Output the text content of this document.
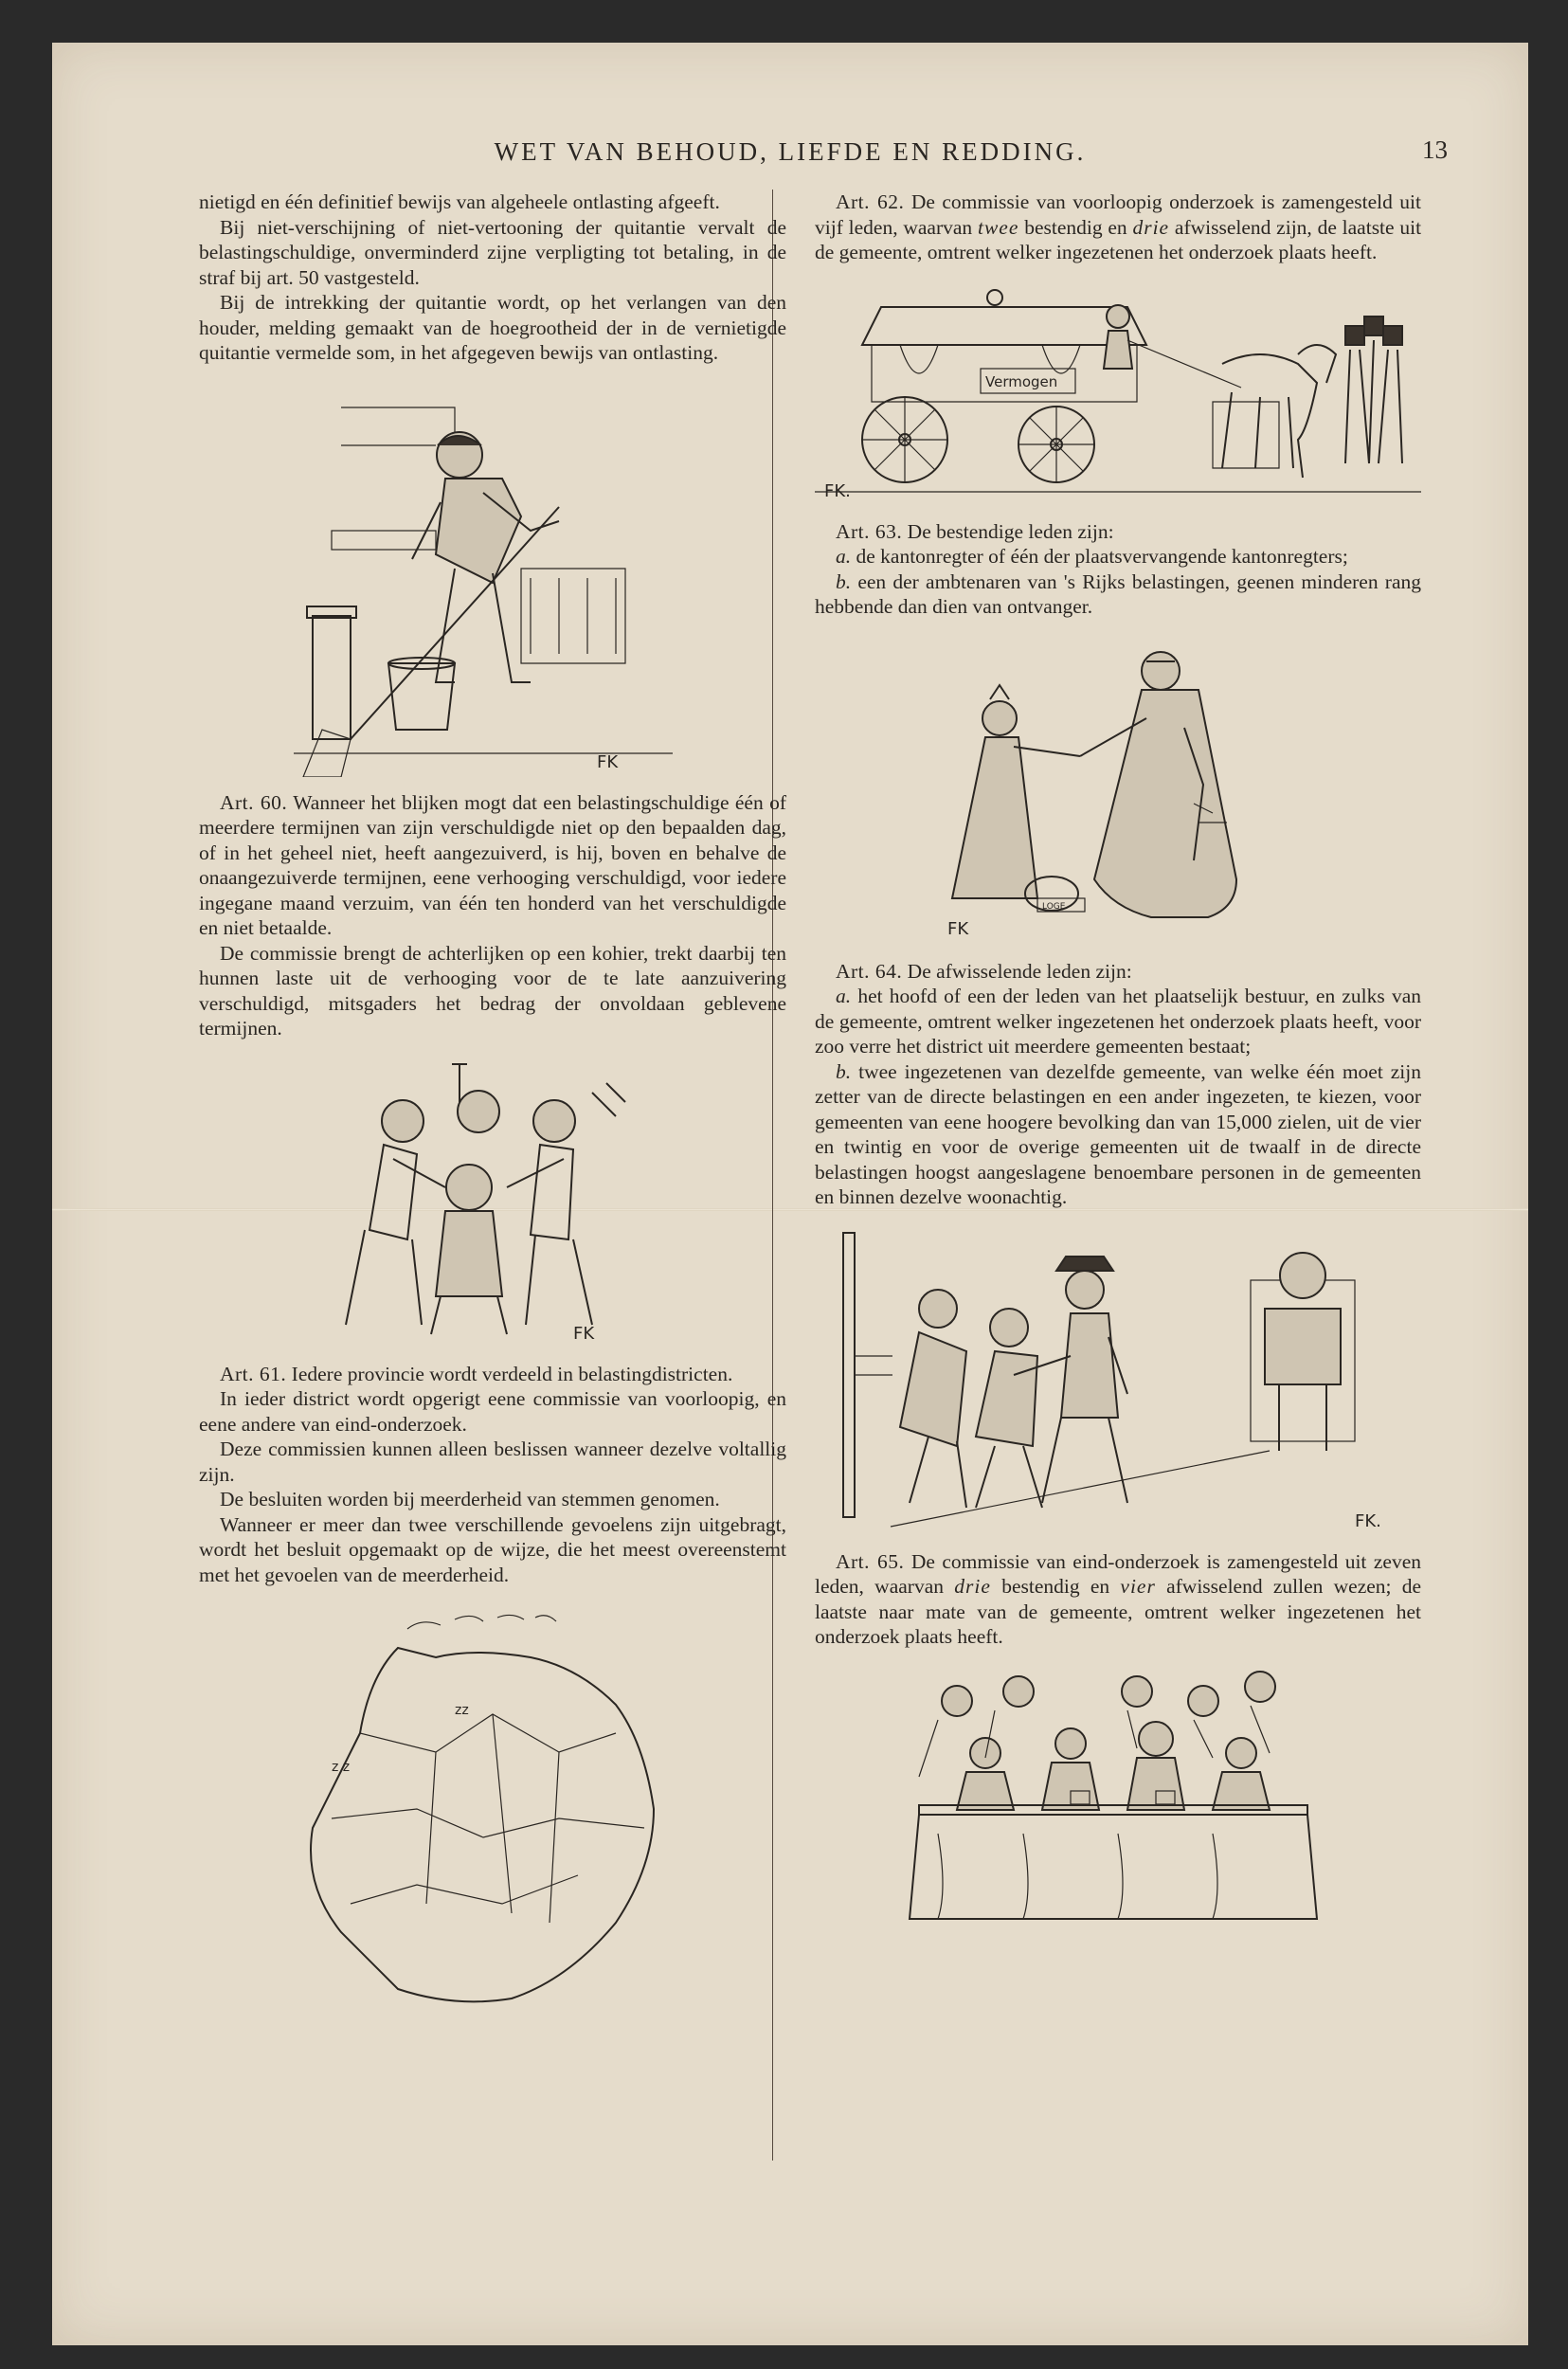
WET VAN BEHOUD, LIEFDE EN REDDING.	13

nietigd en één definitief bewijs van algeheele ontlasting afgeeft.

Bij niet-verschijning of niet-vertooning der quitantie vervalt de belastingschuldige, onverminderd zijne verpligting tot betaling, in de straf bij art. 50 vastgesteld.

Bij de intrekking der quitantie wordt, op het verlangen van den houder, melding gemaakt van de hoegrootheid der in de vernietigde quitantie vermelde som, in het afgegeven bewijs van ontlasting.

FK

Art. 60. Wanneer het blijken mogt dat een belastingschuldige één of meerdere termijnen van zijn verschuldigde niet op den bepaalden dag, of in het geheel niet, heeft aangezuiverd, is hij, boven en behalve de onaangezuiverde termijnen, eene verhooging verschuldigd, voor iedere ingegane maand verzuim, van één ten honderd van het verschuldigde en niet betaalde.

De commissie brengt de achterlijken op een kohier, trekt daarbij ten hunnen laste uit de verhooging voor de te late aanzuivering verschuldigd, mitsgaders het bedrag der onvoldaan geblevene termijnen.

FK

Art. 61. Iedere provincie wordt verdeeld in belastingdistricten.

In ieder district wordt opgerigt eene commissie van voorloopig, en eene andere van eind-onderzoek.

Deze commissien kunnen alleen beslissen wanneer dezelve voltallig zijn.

De besluiten worden bij meerderheid van stemmen genomen.

Wanneer er meer dan twee verschillende gevoelens zijn uitgebragt, wordt het besluit opgemaakt op de wijze, die het meest overeenstemt met het gevoelen van de meerderheid.

zz
z z

Art. 62. De commissie van voorloopig onderzoek is zamengesteld uit vijf leden, waarvan twee bestendig en drie afwisselend zijn, de laatste uit de gemeente, omtrent welker ingezetenen het onderzoek plaats heeft.

Vermogen
FK.

Art. 63. De bestendige leden zijn:

a. de kantonregter of één der plaatsvervangende kantonregters;

b. een der ambtenaren van 's Rijks belastingen, geenen minderen rang hebbende dan dien van ontvanger.

LOGE
FK

Art. 64. De afwisselende leden zijn:

a. het hoofd of een der leden van het plaatselijk bestuur, en zulks van de gemeente, omtrent welker ingezetenen het onderzoek plaats heeft, voor zoo verre het district uit meerdere gemeenten bestaat;

b. twee ingezetenen van dezelfde gemeente, van welke één moet zijn zetter van de directe belastingen en een ander ingezeten, te kiezen, voor gemeenten van eene hoogere bevolking dan van 15,000 zielen, uit de vier en twintig en voor de overige gemeenten uit de twaalf in de directe belastingen hoogst aangeslagene benoembare personen in de gemeenten en binnen dezelve woonachtig.

FK.

Art. 65. De commissie van eind-onderzoek is zamengesteld uit zeven leden, waarvan drie bestendig en vier afwisselend zullen wezen; de laatste naar mate van de gemeente, omtrent welker ingezetenen het onderzoek plaats heeft.
